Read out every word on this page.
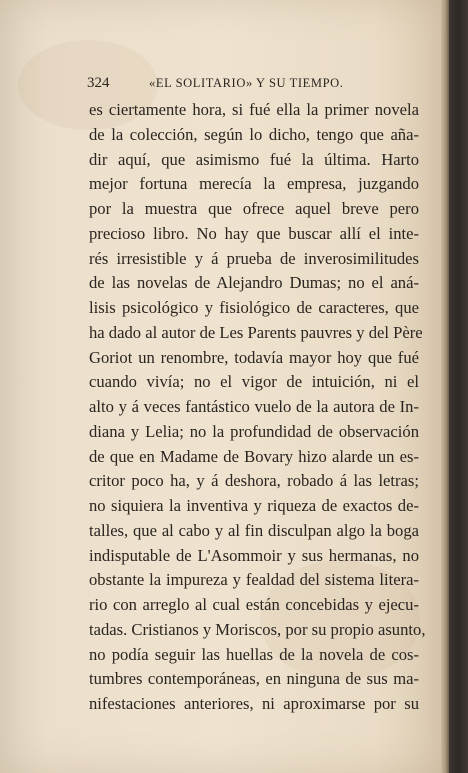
324	«EL SOLITARIO» Y SU TIEMPO.
es ciertamente hora, si fué ella la primer novela
de la colección, según lo dicho, tengo que aña-
dir aquí, que asimismo fué la última. Harto
mejor fortuna merecía la empresa, juzgando
por la muestra que ofrece aquel breve pero
precioso libro. No hay que buscar allí el inte-
rés irresistible y á prueba de inverosimilitudes
de las novelas de Alejandro Dumas; no el aná-
lisis psicológico y fisiológico de caracteres, que
ha dado al autor de Les Parents pauvres y del Père
Goriot un renombre, todavía mayor hoy que fué
cuando vivía; no el vigor de intuición, ni el
alto y á veces fantástico vuelo de la autora de In-
diana y Lelia; no la profundidad de observación
de que en Madame de Bovary hizo alarde un es-
critor poco ha, y á deshora, robado á las letras;
no siquiera la inventiva y riqueza de exactos de-
talles, que al cabo y al fin disculpan algo la boga
indisputable de L'Asommoir y sus hermanas, no
obstante la impureza y fealdad del sistema litera-
rio con arreglo al cual están concebidas y ejecu-
tadas. Cristianos y Moriscos, por su propio asunto,
no podía seguir las huellas de la novela de cos-
tumbres contemporáneas, en ninguna de sus ma-
nifestaciones anteriores, ni aproximarse por su
